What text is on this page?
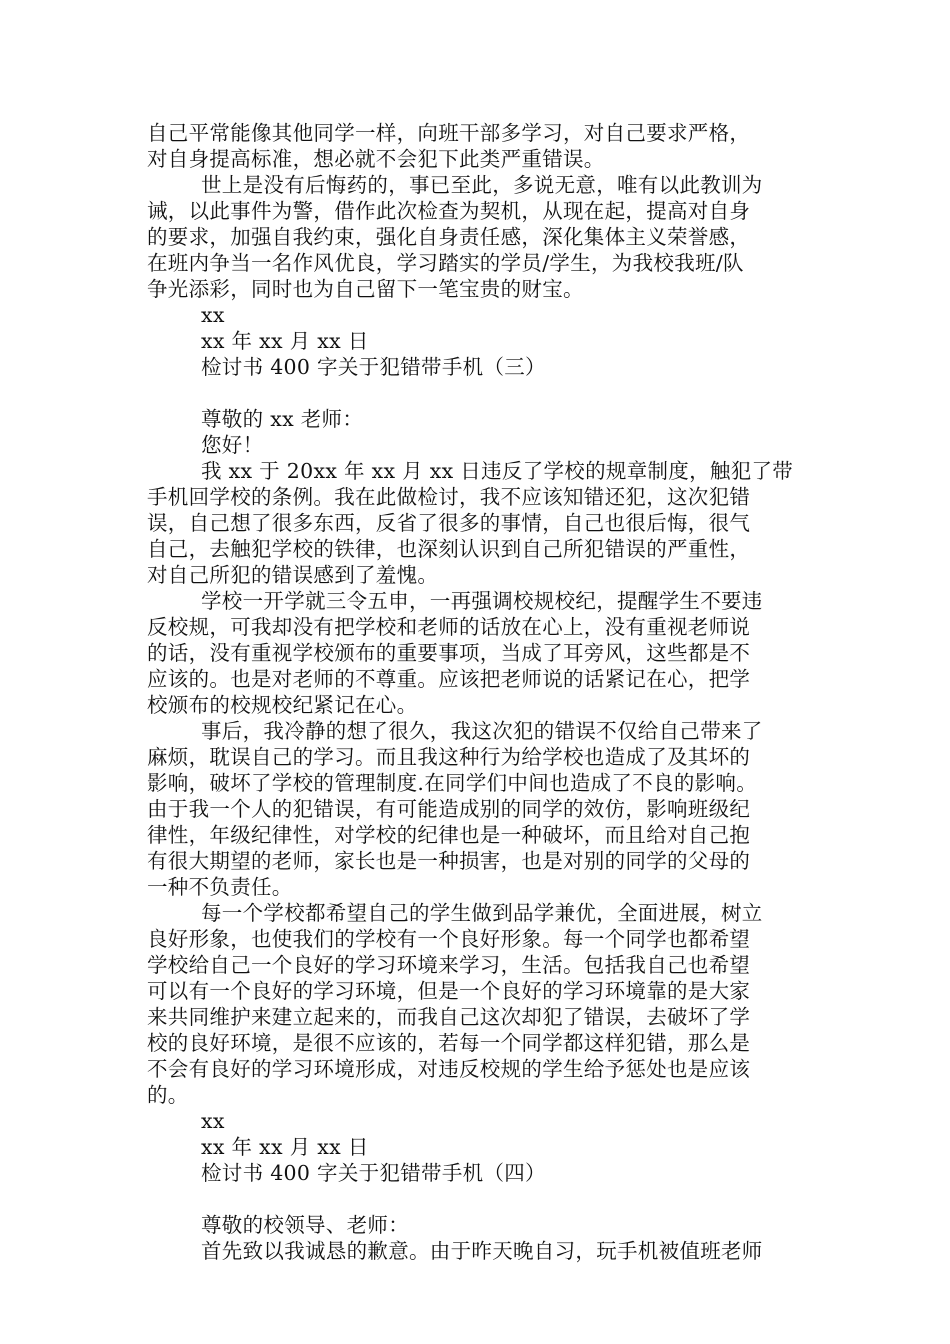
自己平常能像其他同学一样，向班干部多学习，对自己要求严格，
对自身提高标准，想必就不会犯下此类严重错误。
世上是没有后悔药的，事已至此，多说无意，唯有以此教训为
诫，以此事件为警，借作此次检查为契机，从现在起，提高对自身
的要求，加强自我约束，强化自身责任感，深化集体主义荣誉感，
在班内争当一名作风优良，学习踏实的学员/学生，为我校我班/队
争光添彩，同时也为自己留下一笔宝贵的财宝。
xx
xx 年 xx 月 xx 日
检讨书 400 字关于犯错带手机（三）
尊敬的 xx 老师：
您好！
我 xx 于 20xx 年 xx 月 xx 日违反了学校的规章制度，触犯了带
手机回学校的条例。我在此做检讨，我不应该知错还犯，这次犯错
误，自己想了很多东西，反省了很多的事情，自己也很后悔，很气
自己，去触犯学校的铁律，也深刻认识到自己所犯错误的严重性，
对自己所犯的错误感到了羞愧。
学校一开学就三令五申，一再强调校规校纪，提醒学生不要违
反校规，可我却没有把学校和老师的话放在心上，没有重视老师说
的话，没有重视学校颁布的重要事项，当成了耳旁风，这些都是不
应该的。也是对老师的不尊重。应该把老师说的话紧记在心，把学
校颁布的校规校纪紧记在心。
事后，我冷静的想了很久，我这次犯的错误不仅给自己带来了
麻烦，耽误自己的学习。而且我这种行为给学校也造成了及其坏的
影响，破坏了学校的管理制度.在同学们中间也造成了不良的影响。
由于我一个人的犯错误，有可能造成别的同学的效仿，影响班级纪
律性，年级纪律性，对学校的纪律也是一种破坏，而且给对自己抱
有很大期望的老师，家长也是一种损害，也是对别的同学的父母的
一种不负责任。
每一个学校都希望自己的学生做到品学兼优，全面进展，树立
良好形象，也使我们的学校有一个良好形象。每一个同学也都希望
学校给自己一个良好的学习环境来学习，生活。包括我自己也希望
可以有一个良好的学习环境，但是一个良好的学习环境靠的是大家
来共同维护来建立起来的，而我自己这次却犯了错误，去破坏了学
校的良好环境，是很不应该的，若每一个同学都这样犯错，那么是
不会有良好的学习环境形成，对违反校规的学生给予惩处也是应该
的。
xx
xx 年 xx 月 xx 日
检讨书 400 字关于犯错带手机（四）
尊敬的校领导、老师：
首先致以我诚恳的歉意。由于昨天晚自习，玩手机被值班老师
